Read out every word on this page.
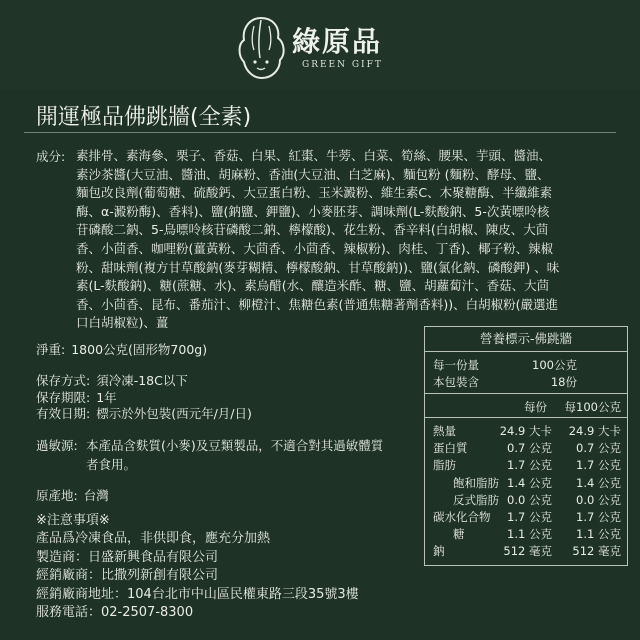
綠原品
GREEN GIFT
開運極品佛跳牆(全素)
成分: 素排骨、素海參、栗子、香菇、白果、紅棗、牛蒡、白菜、筍絲、腰果、芋頭、醬油、素沙茶醬(大豆油、醬油、胡麻粉、香油(大豆油、白芝麻)、麵包粉 (麵粉、酵母、鹽、麵包改良劑(葡萄糖、硫酸鈣、大豆蛋白粉、玉米澱粉、維生素C、木聚糖酶、半纖維素酶、α-澱粉酶)、香料)、鹽(鈉鹽、鉀鹽)、小麥胚芽、調味劑(L-麩酸鈉、5-次黃嘌呤核苷磷酸二鈉、5-鳥嘌呤核苷磷酸二鈉、檸檬酸)、花生粉、香辛料(白胡椒、陳皮、大茴香、小茴香、咖哩粉(薑黃粉、大茴香、小茴香、辣椒粉)、肉桂、丁香)、椰子粉、辣椒粉、甜味劑(複方甘草酸鈉(麥芽糊精、檸檬酸鈉、甘草酸鈉))、鹽(氯化鈉、磷酸鉀) 、味素(L-麩酸鈉)、糖(蔗糖、水)、素烏醋(水、釀造米酢、糖、鹽、胡蘿蔔汁、香菇、大茴香、小茴香、昆布、番茄汁、柳橙汁、焦糖色素(普通焦糖著劑香料))、白胡椒粉(嚴選進口白胡椒粒)、薑
淨重: 1800公克(固形物700g)
保存方式: 須冷凍-18C以下
保存期限: 1年
有效日期: 標示於外包裝(西元年/月/日)
過敏源: 本產品含麩質(小麥)及豆類製品，不適合對其過敏體質者食用。
原產地: 台灣
※注意事項※
產品爲冷凍食品，非供即食，應充分加熱
製造商：日盛新興食品有限公司
經銷廠商：比撒列新創有限公司
經銷廠商地址：104台北市中山區民權東路三段35號3樓
服務電話：02-2507-8300
營養標示-佛跳牆
每一份量	100公克
本包裝含	18份
每份 每100公克
熱量	24.9 大卡 24.9 大卡
蛋白質	0.7 公克 0.7 公克
脂肪	1.7 公克 1.7 公克
飽和脂肪 1.4 公克 1.4 公克
反式脂肪 0.0 公克 0.0 公克
碳水化合物 1.7 公克 1.7 公克
糖	1.1 公克 1.1 公克
鈉	512 毫克 512 毫克
